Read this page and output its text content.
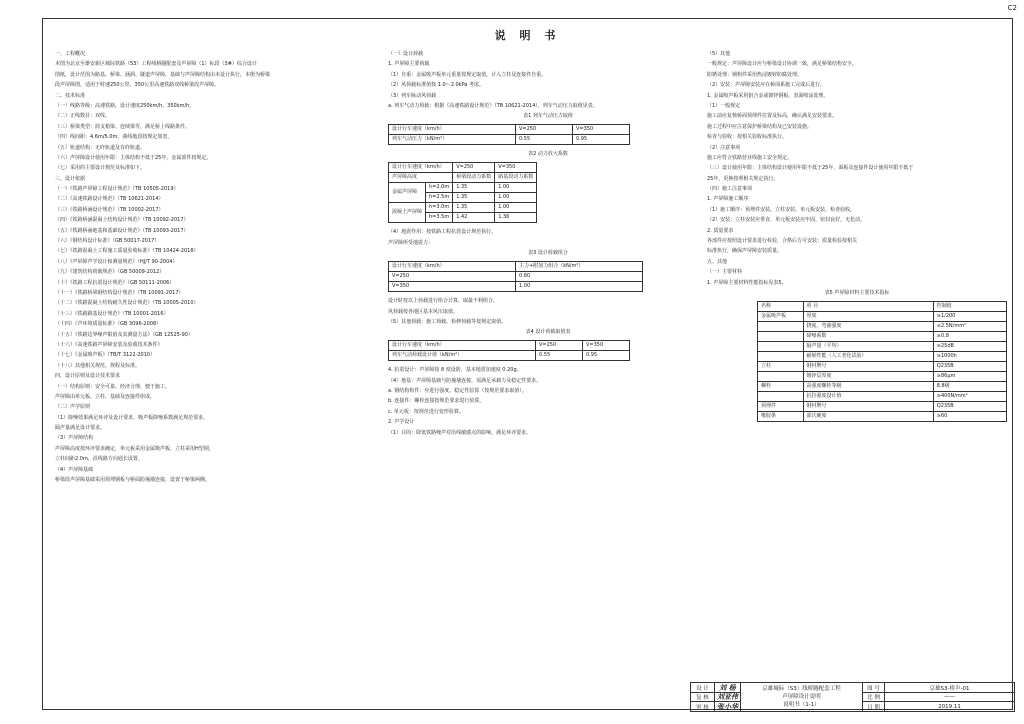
说 明 书
一、工程概况
本图为北京至雄安新区城际铁路（S3）工程线桥隧配套及声屏障（1）标段（3#）综合设计
图纸，设计范围为路基、桥梁、涵洞、隧道声屏障，基础与声屏障结构由本设计执行，本册为桥梁
段声屏障图，适用于时速250公里、350公里高速铁路双线桥梁段声屏障。
二、技术标准
（一）线路等级：高速铁路，设计速度250km/h、350km/h。
（二）正线数目：双线。
（三）桥梁类型：简支箱梁、连续梁等，满足桥上线路条件。
（四）线间距：4.6m/5.0m，曲线地段按规定加宽。
（五）轨道结构：无砟轨道及有砟轨道。
（六）声屏障设计使用年限：主体结构不低于25年，金属部件按规定。
（七）采用的主要设计规范及标准如下。
三、设计依据
（一）《铁路声屏障工程设计规范》（TB 10505-2019）
（二）《高速铁路设计规范》（TB 10621-2014）
（三）《铁路桥涵设计规范》（TB 10002-2017）
（四）《铁路桥涵混凝土结构设计规范》（TB 10092-2017）
（五）《铁路桥涵地基和基础设计规范》（TB 10093-2017）
（六）《钢结构设计标准》（GB 50017-2017）
（七）《铁路混凝土工程施工质量验收标准》（TB 10424-2018）
（八）《声屏障声学设计和测量规范》（HJ/T 90-2004）
（九）《建筑结构荷载规范》（GB 50009-2012）
（十）《铁路工程抗震设计规范》（GB 50111-2006）
（十一）《铁路桥梁钢结构设计规范》（TB 10091-2017）
（十二）《铁路混凝土结构耐久性设计规范》（TB 10005-2010）
（十三）《铁路路基设计规范》（TB 10001-2016）
（十四）《声环境质量标准》（GB 3096-2008）
（十五）《铁路边界噪声限值及其测量方法》（GB 12525-90）
（十六）《高速铁路声屏障安装及验收技术条件》
（十七）《金属吸声板》（TB/T 3122-2010）
（十八）其他相关规范、规程及标准。
四、设计原则及设计技术要求
（一）结构原则：安全可靠、经济合理、便于施工。
声屏障由单元板、立柱、基础及连接件组成。
（二）声学原则
（1）降噪效果满足环评及设计要求，吸声板降噪系数满足规范要求，
隔声量满足设计要求。
（3）声屏障结构
声屏障高度按环评要求确定，单元板采用金属吸声板，立柱采用H型钢，
立柱间距2.0m，沿线路方向通长设置。
（4）声屏障基础
桥梁段声屏障基础采用预埋钢板与桥面防撞墙连接，设置于桥梁两侧。
（一）设计荷载
1. 声屏障主要荷载
（1）自重：金属吸声板单元重量按规定取值，计入立柱及连接件自重。
（2）风荷载标准值按 1.0～2.0kPa 考虑。
（3）列车脉动风荷载
a. 列车气动力荷载：根据《高速铁路设计规范》（TB 10621-2014），列车气动压力取值见表。
表1 列车气动压力取值
设计行车速度（km/h）	V=250	V=350
列车气动压力（kN/m²）	0.55	0.95
表2 动力放大系数
设计行车速度（km/h）		V=250	V=350
声屏障高度		桥梁段动力系数	路基段动力系数
金属声屏障	h=2.0m	1.35	1.00
	h=2.5m	1.35	1.00
混凝土声屏障	h=3.0m	1.35	1.00
	h=3.5m	1.42	1.36
（4）地震作用：按铁路工程抗震设计规范执行。
声屏障所受地震力：
表3 设计荷载组合
设计行车速度（km/h）	主力+附加力组合（kN/m²）
V=250	0.80
V=350	1.00
设计时按以上荷载进行组合计算，取最不利组合。
风荷载按各地区基本风压取值。
（5）其他荷载：施工荷载、检修荷载等按规定取值。
表4 设计荷载取值表
设计行车速度（km/h）	V=250	V=350
列车气动荷载设计值（kN/m²）	0.55	0.95
4. 抗震设计：声屏障按 8 度设防，基本地震加速度 0.20g。
（4）地基：声屏障基础与防撞墙连接，需满足承载力及稳定性要求。
a. 钢结构构件：应进行强度、稳定性验算（按规范要求取值）。
b. 连接件：螺栓连接按规范要求进行验算。
c. 单元板：按规范进行变形验算。
2. 声学设计
（1）目的：降低铁路噪声对沿线敏感点的影响，满足环评要求。
（5）其他
一般规定：声屏障设计应与桥梁设计协调一致，满足桥梁结构安全。
防锈处理：钢构件采用热浸镀锌防腐处理。
（2）安装：声屏障安装应在桥面系施工完成后进行。
1. 金属吸声板采用铝合金或镀锌钢板，表面喷涂处理。
（1）一般规定
施工前应复核桥面预埋件位置及标高，确认满足安装要求。
施工过程中应注意保护桥梁结构及已安装设施。
检查与验收：按相关验收标准执行。
（2）注意事项
施工应符合铁路营业线施工安全规定。
（三）设计使用年限：主体结构设计使用年限不低于25年，面板及连接件设计使用年限不低于
25年，更换按照相关规定执行。
（四）施工注意事项
1. 声屏障施工顺序
（1）施工顺序：预埋件安装、立柱安装、单元板安装、检查验收。
（2）安装：立柱安装应垂直，单元板安装应牢固，密封良好，无松动。
2. 质量要求
各部件应按照设计要求进行检验，合格后方可安装；质量检验按相关
标准执行，确保声屏障安装质量。
五、其他
（一）主要材料
1. 声屏障主要材料性能指标见表5。
表5 声屏障材料主要技术指标
名称	项 目	控制值
金属吸声板	厚度	≥1/200
	挠度、弯曲强度	≤2.5N/mm²
	降噪系数	≥0.8
	隔声量（平均）	≥25dB
	耐候性能（人工老化试验）	≥1000h
立柱	钢材牌号	Q235B
	镀锌层厚度	≥86μm
螺栓	高强度螺栓等级	8.8级
	抗拉强度设计值	≥400N/mm²
预埋件	钢材牌号	Q235B
橡胶条	邵氏硬度	≥60
设 计	刘 杨
复 核	刘亚伟
审 核	张小华
京雄城际（S3）线桥隧配套工程
声屏障设计说明
说明书（1-1）
图 号	京雄S3-桥声-01
比 例	——
日 期	2019.11
C2
